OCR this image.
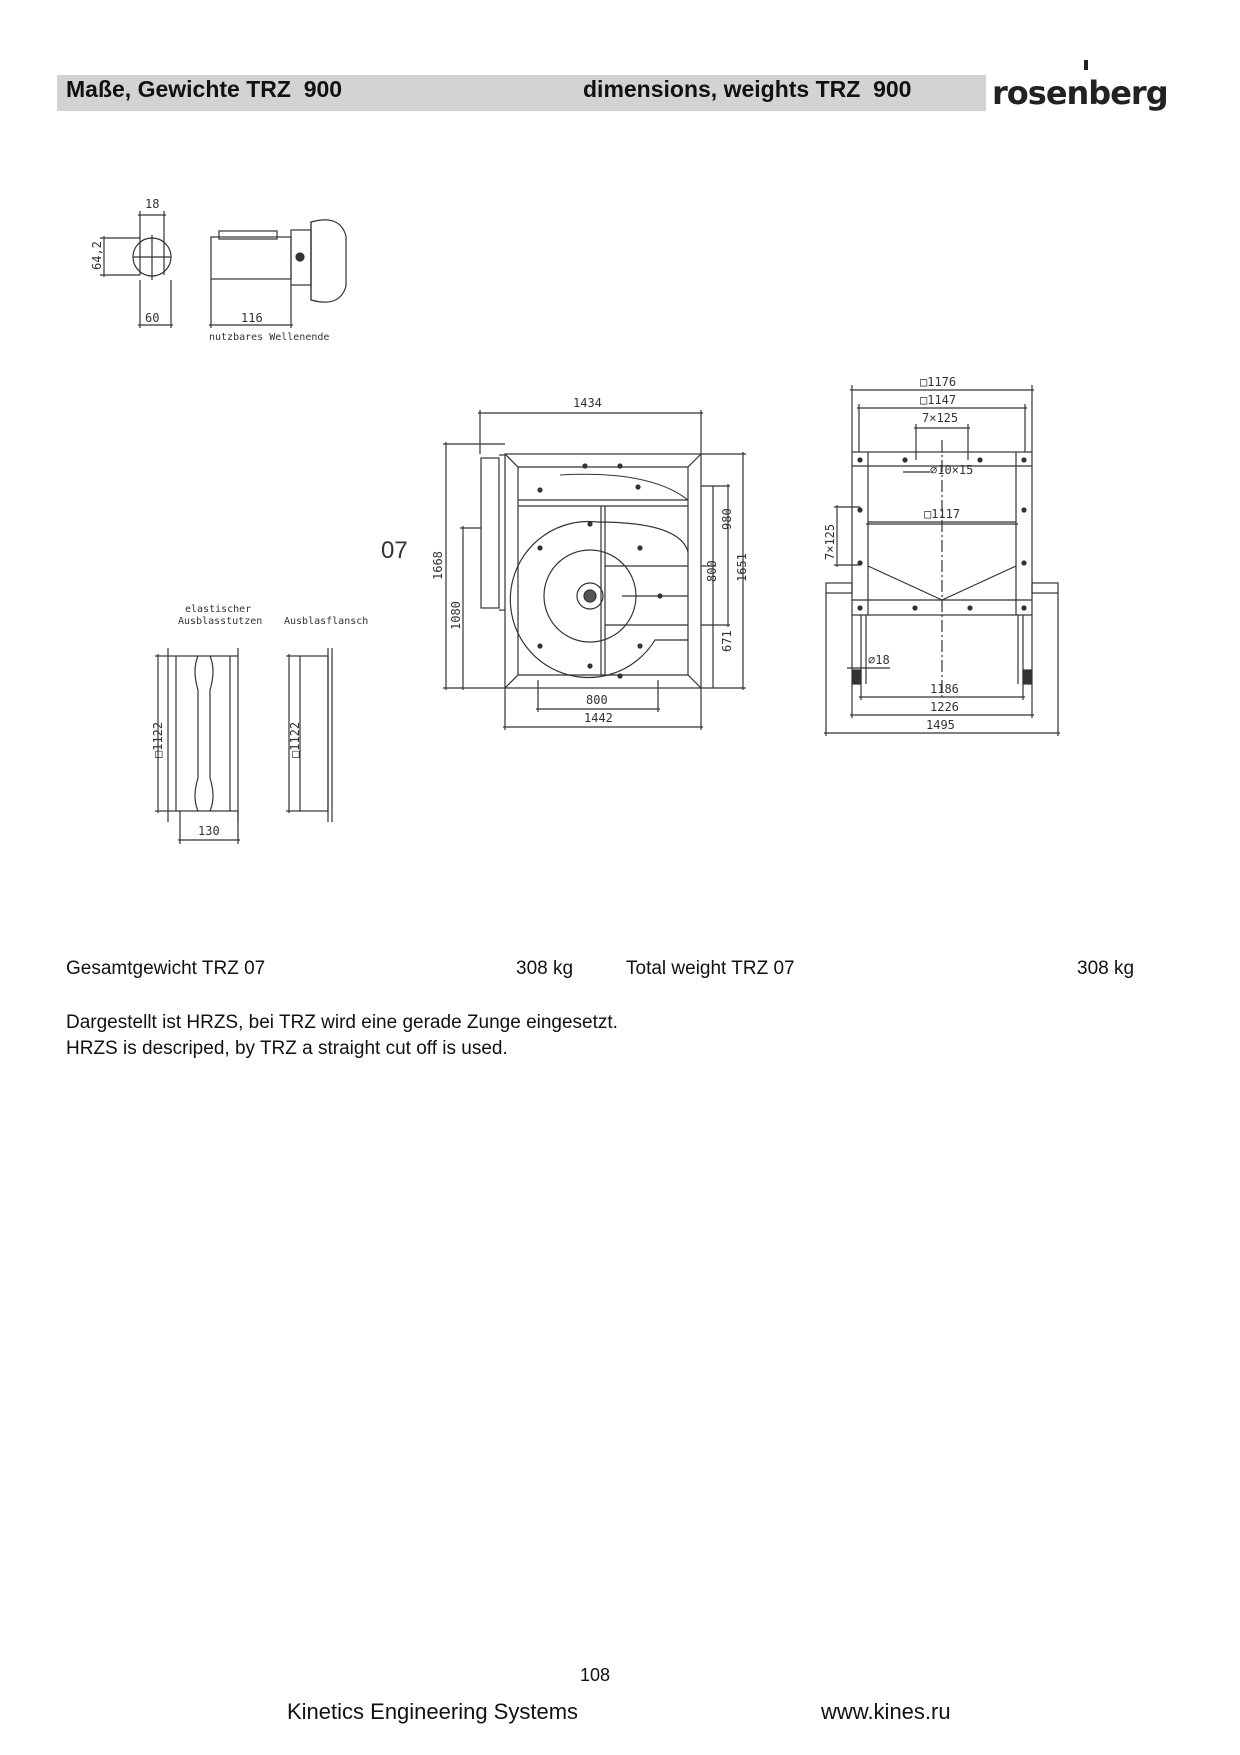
Maße, Gewichte TRZ  900	dimensions, weights TRZ  900	rosenberg
18
64,2
60	116
nutzbares Wellenende
1434
1668
1080
980
800 1651
671
800
1442
□1176
□1147
7×125
⌀10×15
□1117
7×125
⌀18
1186
1226
1495
elastischer
Ausblasstutzen Ausblasflansch
□1122	□1122
130
07
Gesamtgewicht TRZ 07	308 kg	Total weight TRZ 07	308 kg
Dargestellt ist HRZS, bei TRZ wird eine gerade Zunge eingesetzt.
HRZS is descriped, by TRZ a straight cut off is used.
108
Kinetics Engineering Systems	www.kines.ru
